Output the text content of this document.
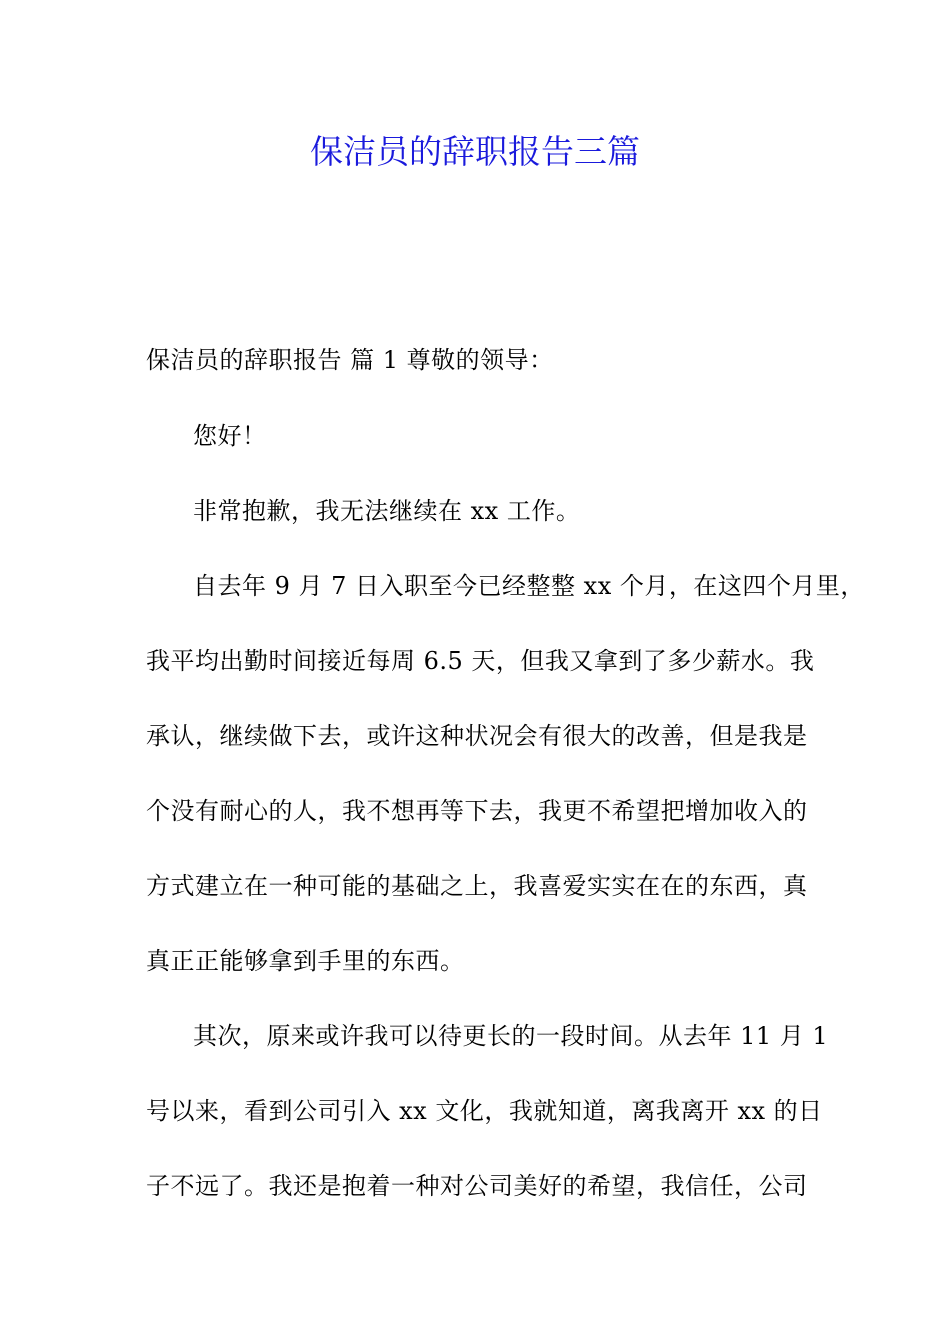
保洁员的辞职报告三篇

保洁员的辞职报告 篇 1 尊敬的领导：

您好！

非常抱歉，我无法继续在 xx 工作。

自去年 9 月 7 日入职至今已经整整 xx 个月，在这四个月里，

我平均出勤时间接近每周 6.5 天，但我又拿到了多少薪水。我

承认，继续做下去，或许这种状况会有很大的改善，但是我是

个没有耐心的人，我不想再等下去，我更不希望把增加收入的

方式建立在一种可能的基础之上，我喜爱实实在在的东西，真

真正正能够拿到手里的东西。

其次，原来或许我可以待更长的一段时间。从去年 11 月 1

号以来，看到公司引入 xx 文化，我就知道，离我离开 xx 的日

子不远了。我还是抱着一种对公司美好的希望，我信任，公司
